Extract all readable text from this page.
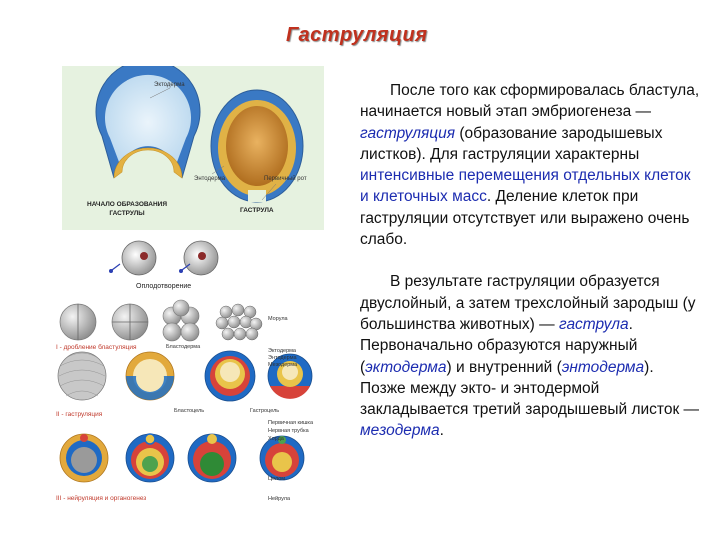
Гаструляция
Эктодерма
Энтодерма	Первичный рот
НАЧАЛО ОБРАЗОВАНИЯ ГАСТРУЛЫ	ГАСТРУЛА
Оплодотворение
Морула
I - дробление бластуляция	Бластодерма
Бластоцель	Гастроцель
II - гаструляция
III - нейруляция и органогенез	Нейрула
Эктодерма
Энтодерма
Мезодерма
Первичная кишка
Нервная трубка
Хорда
Целом

После того как сформировалась бластула, начинается новый этап эмбриогенеза — гаструляция (образование зародышевых листков). Для гаструляции характерны интенсивные перемещения отдельных клеток и клеточных масс. Деление клеток при гаструляции отсутствует или выражено очень слабо.

В результате гаструляции образуется двуслойный, а затем трехслойный зародыш (у большинства животных) — гаструла. Первоначально образуются наружный (эктодерма) и внутренний (энтодерма). Позже между экто- и энтодермой закладывается третий зародышевый листок — мезодерма.
